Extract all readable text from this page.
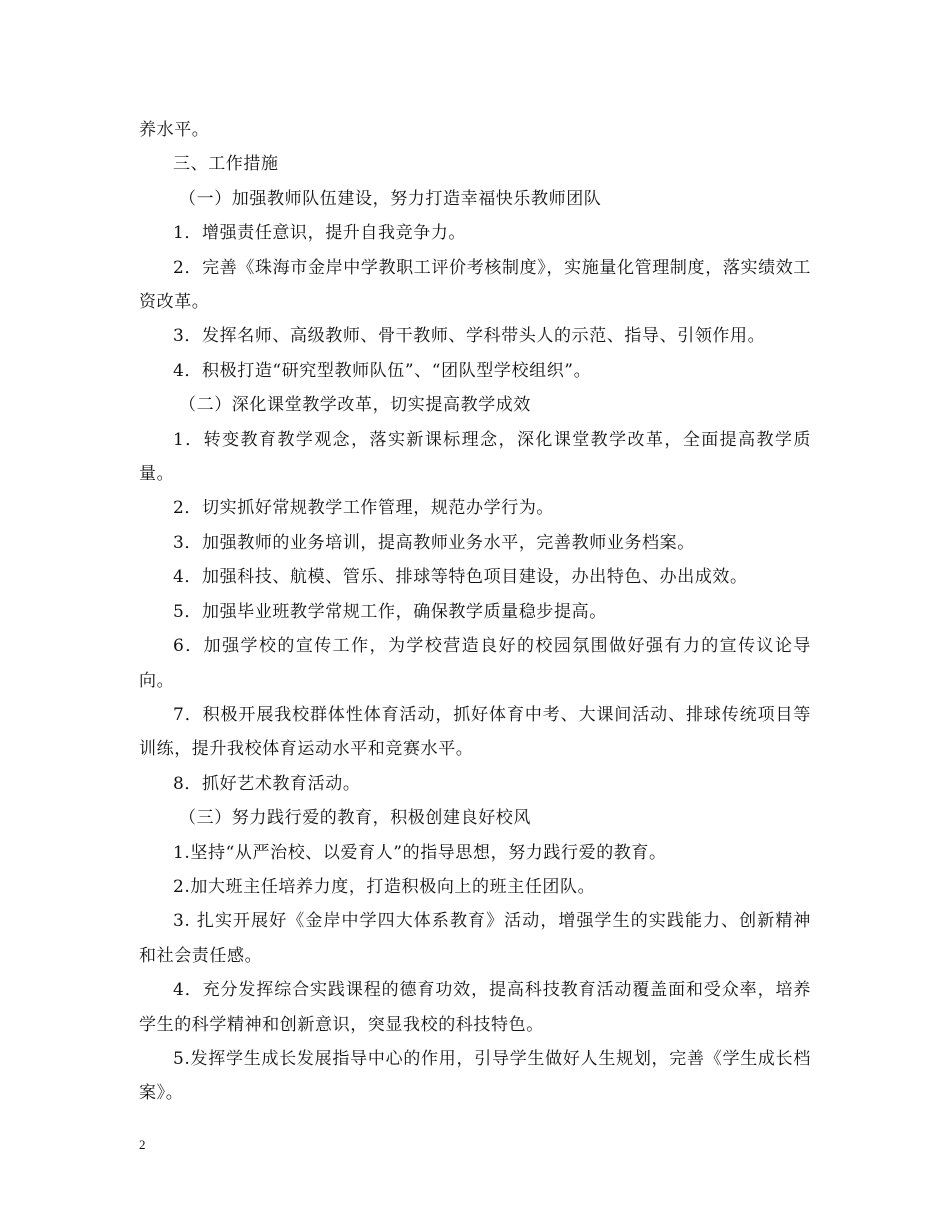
养水平。

三、工作措施

（一）加强教师队伍建设，努力打造幸福快乐教师团队

1．增强责任意识，提升自我竞争力。

2．完善《珠海市金岸中学教职工评价考核制度》，实施量化管理制度，落实绩效工资改革。

3．发挥名师、高级教师、骨干教师、学科带头人的示范、指导、引领作用。

4．积极打造“研究型教师队伍”、“团队型学校组织”。

（二）深化课堂教学改革，切实提高教学成效

1．转变教育教学观念，落实新课标理念，深化课堂教学改革，全面提高教学质量。

2．切实抓好常规教学工作管理，规范办学行为。

3．加强教师的业务培训，提高教师业务水平，完善教师业务档案。

4．加强科技、航模、管乐、排球等特色项目建设，办出特色、办出成效。

5．加强毕业班教学常规工作，确保教学质量稳步提高。

6．加强学校的宣传工作，为学校营造良好的校园氛围做好强有力的宣传议论导向。

7．积极开展我校群体性体育活动，抓好体育中考、大课间活动、排球传统项目等训练，提升我校体育运动水平和竞赛水平。

8．抓好艺术教育活动。

（三）努力践行爱的教育，积极创建良好校风

1.坚持“从严治校、以爱育人”的指导思想，努力践行爱的教育。

2.加大班主任培养力度，打造积极向上的班主任团队。

3. 扎实开展好《金岸中学四大体系教育》活动，增强学生的实践能力、创新精神和社会责任感。

4．充分发挥综合实践课程的德育功效，提高科技教育活动覆盖面和受众率，培养学生的科学精神和创新意识，突显我校的科技特色。

5.发挥学生成长发展指导中心的作用，引导学生做好人生规划，完善《学生成长档案》。

2
